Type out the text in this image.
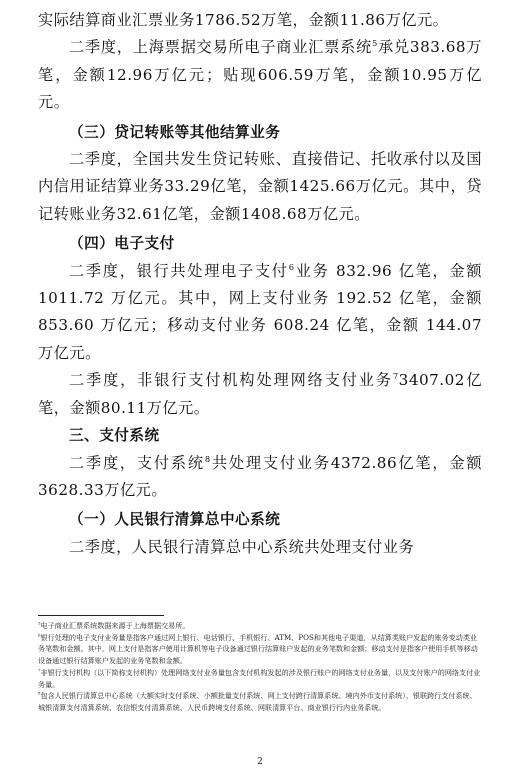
实际结算商业汇票业务1786.52万笔，金额11.86万亿元。

二季度，上海票据交易所电子商业汇票系统$^5$承兑383.68万笔，金额12.96万亿元；贴现606.59万笔，金额10.95万亿元。

（三）贷记转账等其他结算业务

二季度，全国共发生贷记转账、直接借记、托收承付以及国内信用证结算业务33.29亿笔，金额1425.66万亿元。其中，贷记转账业务32.61亿笔，金额1408.68万亿元。

（四）电子支付

二季度，银行共处理电子支付$^6$业务 832.96 亿笔，金额 1011.72 万亿元。其中，网上支付业务 192.52 亿笔，金额 853.60 万亿元；移动支付业务 608.24 亿笔，金额 144.07 万亿元。

二季度，非银行支付机构处理网络支付业务$^7$3407.02亿笔，金额80.11万亿元。

三、支付系统

二季度，支付系统$^8$共处理支付业务4372.86亿笔，金额3628.33万亿元。

（一）人民银行清算总中心系统

二季度，人民银行清算总中心系统共处理支付业务

$^5$电子商业汇票系统数据来源于上海票据交易所。

$^6$银行处理的电子支付业务量是指客户通过网上银行、电话银行、手机银行、ATM、POS和其他电子渠道，从结算类账户发起的账务变动类业务笔数和金额。其中，网上支付是指客户使用计算机等电子设备通过银行结算账户发起的业务笔数和金额；移动支付是指客户使用手机等移动设备通过银行结算账户发起的业务笔数和金额。

$^7$非银行支付机构（以下简称支付机构）处理网络支付业务量包含支付机构发起的涉及银行账户的网络支付业务量，以及支付账户的网络支付业务量。

$^8$包含人民银行清算总中心系统（大额实时支付系统、小额批量支付系统、网上支付跨行清算系统、境内外币支付系统）、银联跨行支付系统、城银清算支付清算系统、农信银支付清算系统、人民币跨境支付系统、网联清算平台、商业银行行内业务系统。

2
